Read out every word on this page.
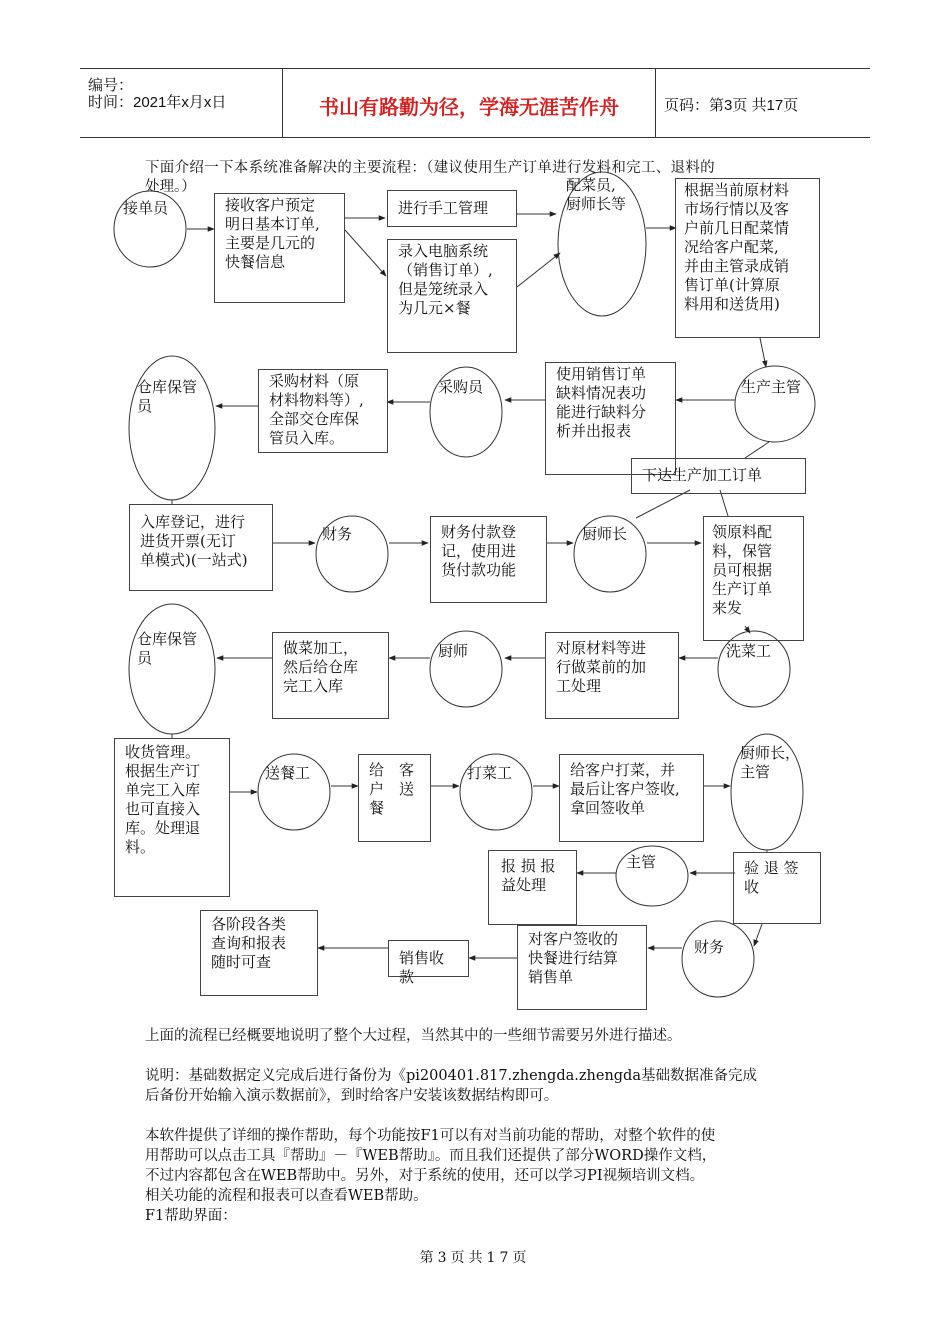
编号：
时间：2021年x月x日	书山有路勤为径，学海无涯苦作舟	页码：第3页 共17页
下面介绍一下本系统准备解决的主要流程：（建议使用生产订单进行发料和完工、退料的
处理。）
接收客户预定
明日基本订单,
主要是几元的
快餐信息
进行手工管理
录入电脑系统
（销售订单）,
但是笼统录入
为几元×餐
根据当前原材料
市场行情以及客
户前几日配菜情
况给客户配菜,
并由主管录成销
售订单(计算原
料用和送货用)
使用销售订单
缺料情况表功
能进行缺料分
析并出报表
采购材料（原
材料物料等）,
全部交仓库保
管员入库。
下达生产加工订单
入库登记，进行
进货开票(无订
单模式)(一站式)
财务付款登
记，使用进
货付款功能
领原料配
料，保管
员可根据
生产订单
来发
对原材料等进
行做菜前的加
工处理
做菜加工，
然后给仓库
完工入库
收货管理。
根据生产订
单完工入库
也可直接入
库。处理退
料。
给　客
户　送
餐
给客户打菜，并
最后让客户签收,
拿回签收单
验 退 签
收
报 损 报
益处理
对客户签收的
快餐进行结算
销售单
销售收款
各阶段各类
查询和报表
随时可查
接单员
配菜员,
厨师长等
生产主管
采购员
仓库保管
员
财务	厨师长
洗菜工
厨师
仓库保管
员
送餐工	打菜工
厨师长，
主管
主管
财务
上面的流程已经概要地说明了整个大过程，当然其中的一些细节需要另外进行描述。
说明：基础数据定义完成后进行备份为《pi200401.817.zhengda.zhengda基础数据准备完成
后备份开始输入演示数据前》，到时给客户安装该数据结构即可。
本软件提供了详细的操作帮助，每个功能按F1可以有对当前功能的帮助，对整个软件的使
用帮助可以点击工具『帮助』－『WEB帮助』。而且我们还提供了部分WORD操作文档，
不过内容都包含在WEB帮助中。另外，对于系统的使用，还可以学习PI视频培训文档。
相关功能的流程和报表可以查看WEB帮助。
F1帮助界面：
第3页共17页
